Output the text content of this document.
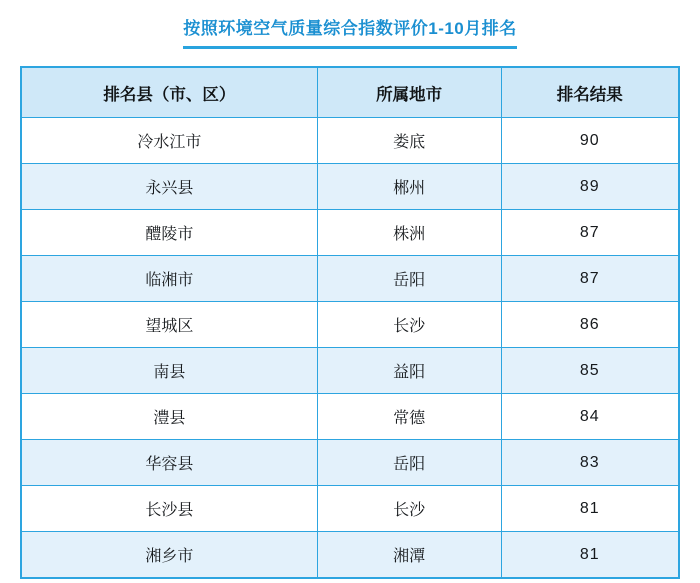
按照环境空气质量综合指数评价1-10月排名
排名县（市、区）	所属地市	排名结果
冷水江市	娄底	90
永兴县	郴州	89
醴陵市	株洲	87
临湘市	岳阳	87
望城区	长沙	86
南县	益阳	85
澧县	常德	84
华容县	岳阳	83
长沙县	长沙	81
湘乡市	湘潭	81
